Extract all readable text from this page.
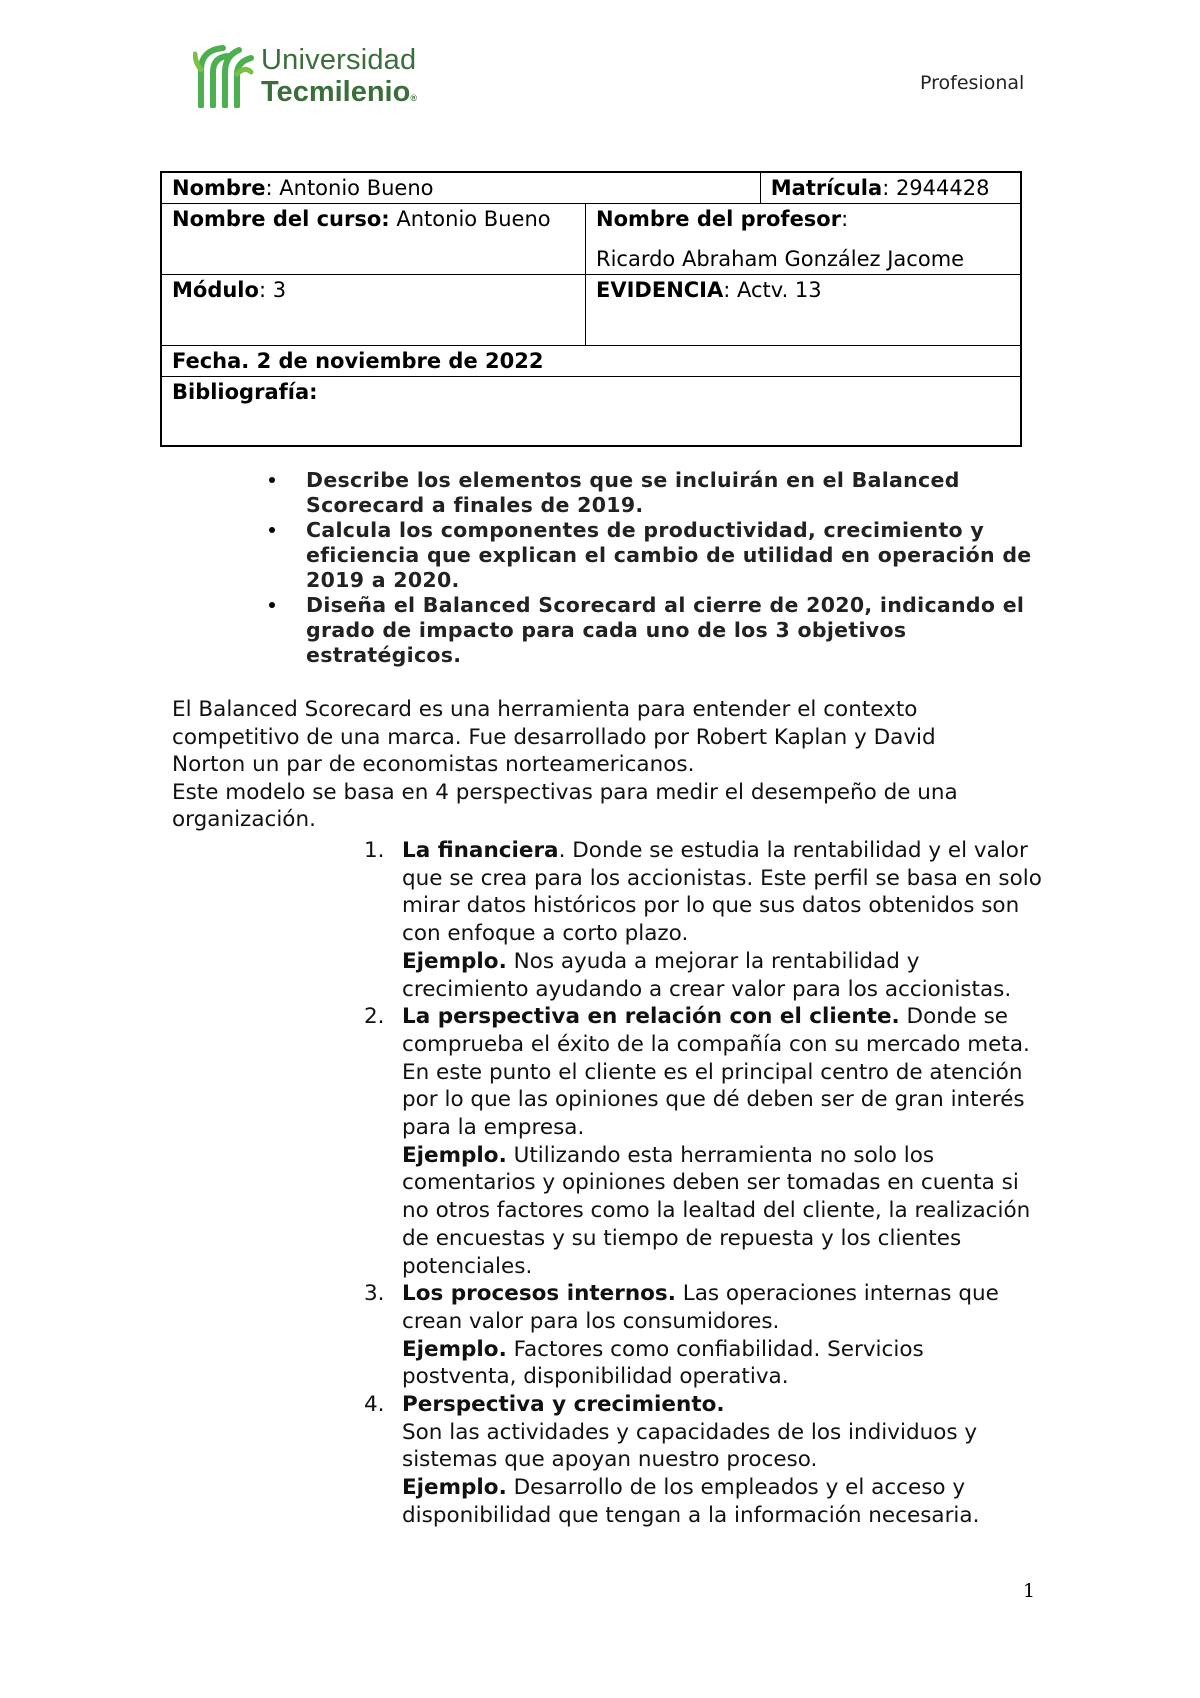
Universidad
Tecmilenio®
Profesional
Nombre: Antonio Bueno		Matrícula: 2944428
Nombre del curso: Antonio Bueno	Nombre del profesor:
Ricardo Abraham González Jacome	

Módulo: 3	EVIDENCIA: Actv. 13	
Fecha. 2 de noviembre de 2022		
Bibliografía:		
Describe los elementos que se incluirán en el Balanced Scorecard a finales de 2019.
Calcula los componentes de productividad, crecimiento y eficiencia que explican el cambio de utilidad en operación de 2019 a 2020.
Diseña el Balanced Scorecard al cierre de 2020, indicando el grado de impacto para cada uno de los 3 objetivos estratégicos.
El Balanced Scorecard es una herramienta para entender el contexto competitivo de una marca. Fue desarrollado por Robert Kaplan y David Norton un par de economistas norteamericanos.
Este modelo se basa en 4 perspectivas para medir el desempeño de una organización.
1. La financiera. Donde se estudia la rentabilidad y el valor que se crea para los accionistas. Este perfil se basa en solo mirar datos históricos por lo que sus datos obtenidos son con enfoque a corto plazo.
Ejemplo. Nos ayuda a mejorar la rentabilidad y crecimiento ayudando a crear valor para los accionistas.
2. La perspectiva en relación con el cliente. Donde se comprueba el éxito de la compañía con su mercado meta. En este punto el cliente es el principal centro de atención por lo que las opiniones que dé deben ser de gran interés para la empresa.
Ejemplo. Utilizando esta herramienta no solo los comentarios y opiniones deben ser tomadas en cuenta si no otros factores como la lealtad del cliente, la realización de encuestas y su tiempo de repuesta y los clientes potenciales.
3. Los procesos internos. Las operaciones internas que crean valor para los consumidores.
Ejemplo. Factores como confiabilidad. Servicios postventa, disponibilidad operativa.
4. Perspectiva y crecimiento.
Son las actividades y capacidades de los individuos y sistemas que apoyan nuestro proceso.
Ejemplo. Desarrollo de los empleados y el acceso y disponibilidad que tengan a la información necesaria.
1
